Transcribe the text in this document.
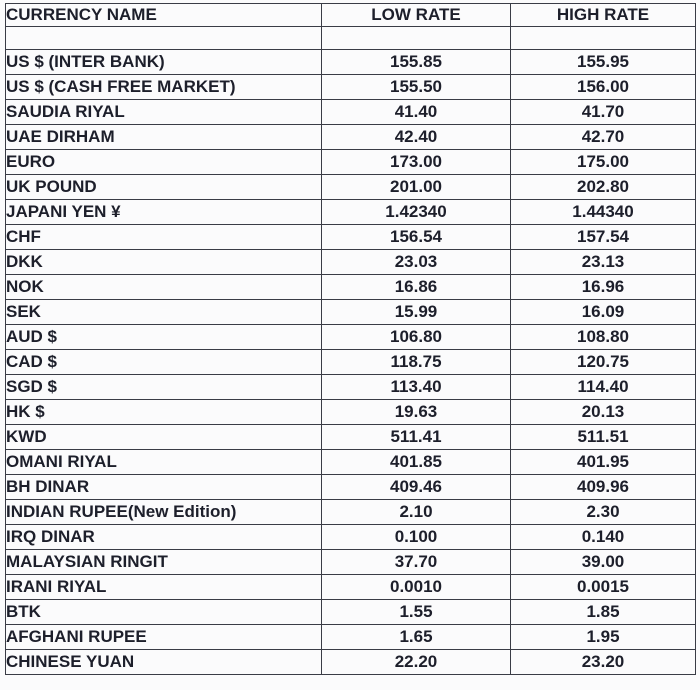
CURRENCY NAME	LOW RATE	HIGH RATE

US $ (INTER BANK)	155.85	155.95
US $ (CASH FREE MARKET)	155.50	156.00
SAUDIA RIYAL	41.40	41.70
UAE DIRHAM	42.40	42.70
EURO	173.00	175.00
UK POUND	201.00	202.80
JAPANI YEN ¥	1.42340	1.44340
CHF	156.54	157.54
DKK	23.03	23.13
NOK	16.86	16.96
SEK	15.99	16.09
AUD $	106.80	108.80
CAD $	118.75	120.75
SGD $	113.40	114.40
HK $	19.63	20.13
KWD	511.41	511.51
OMANI RIYAL	401.85	401.95
BH DINAR	409.46	409.96
INDIAN RUPEE(New Edition)	2.10	2.30
IRQ DINAR	0.100	0.140
MALAYSIAN RINGIT	37.70	39.00
IRANI RIYAL	0.0010	0.0015
BTK	1.55	1.85
AFGHANI RUPEE	1.65	1.95
CHINESE YUAN	22.20	23.20
